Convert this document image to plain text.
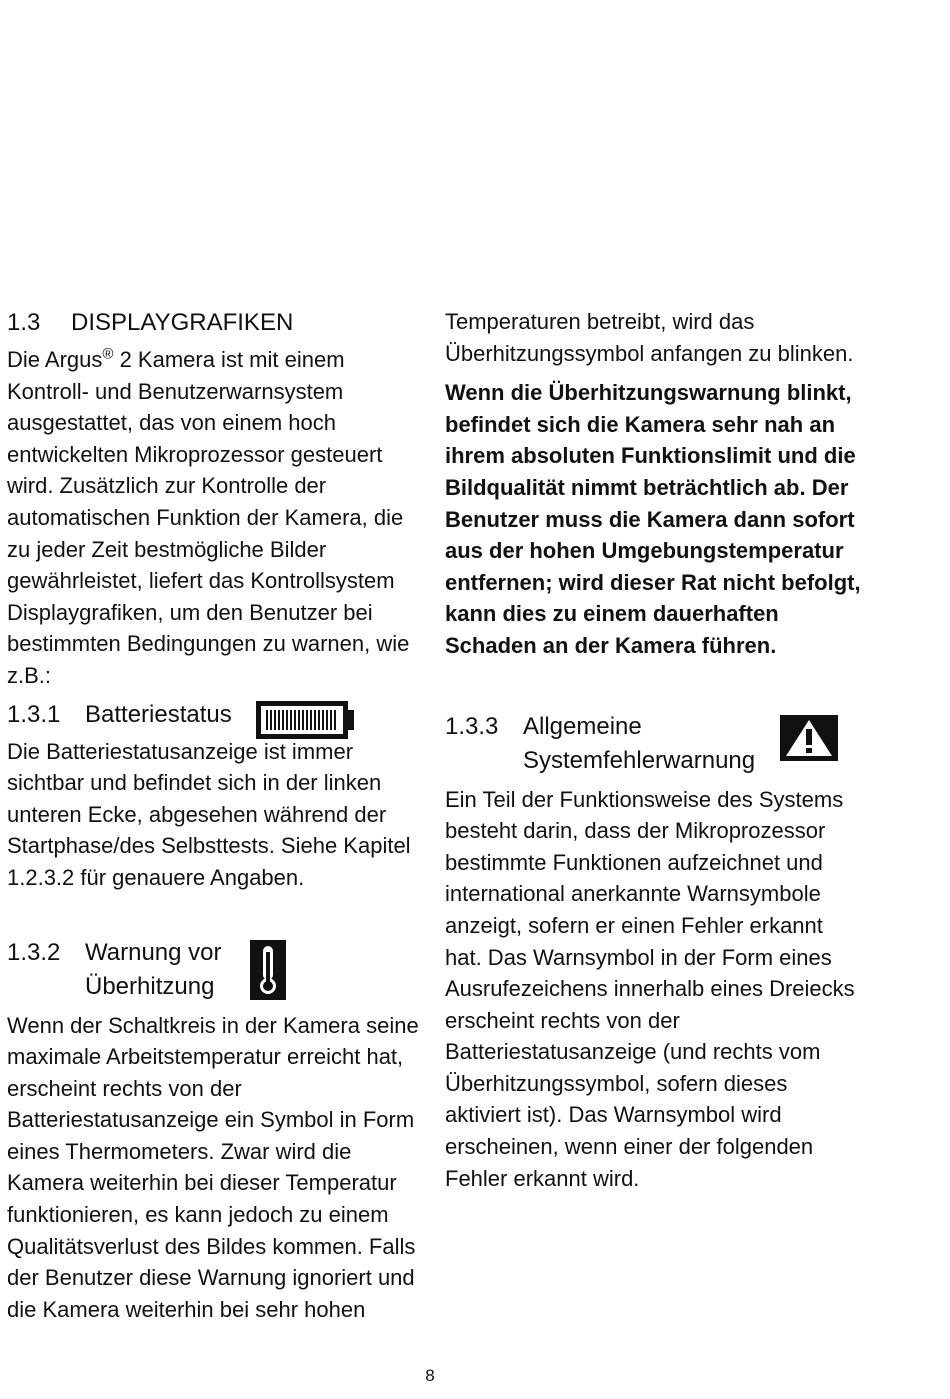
1.3 DISPLAYGRAFIKEN

Die Argus® 2 Kamera ist mit einem Kontroll- und Benutzerwarnsystem ausgestattet, das von einem hoch entwickelten Mikroprozessor gesteuert wird. Zusätzlich zur Kontrolle der automatischen Funktion der Kamera, die zu jeder Zeit bestmögliche Bilder gewährleistet, liefert das Kontrollsystem Displaygrafiken, um den Benutzer bei bestimmten Bedingungen zu warnen, wie z.B.:

1.3.1 Batteriestatus

Die Batteriestatusanzeige ist immer sichtbar und befindet sich in der linken unteren Ecke, abgesehen während der Startphase/des Selbsttests. Siehe Kapitel 1.2.3.2 für genauere Angaben.

1.3.2 Warnung vor
Überhitzung

Wenn der Schaltkreis in der Kamera seine maximale Arbeitstemperatur erreicht hat, erscheint rechts von der Batteriestatusanzeige ein Symbol in Form eines Thermometers. Zwar wird die Kamera weiterhin bei dieser Temperatur funktionieren, es kann jedoch zu einem Qualitätsverlust des Bildes kommen. Falls der Benutzer diese Warnung ignoriert und die Kamera weiterhin bei sehr hohen

Temperaturen betreibt, wird das Überhitzungssymbol anfangen zu blinken.

Wenn die Überhitzungswarnung blinkt, befindet sich die Kamera sehr nah an ihrem absoluten Funktionslimit und die Bildqualität nimmt beträchtlich ab. Der Benutzer muss die Kamera dann sofort aus der hohen Umgebungstemperatur entfernen; wird dieser Rat nicht befolgt, kann dies zu einem dauerhaften Schaden an der Kamera führen.

1.3.3 Allgemeine
Systemfehlerwarnung

Ein Teil der Funktionsweise des Systems besteht darin, dass der Mikroprozessor bestimmte Funktionen aufzeichnet und international anerkannte Warnsymbole anzeigt, sofern er einen Fehler erkannt hat. Das Warnsymbol in der Form eines Ausrufezeichens innerhalb eines Dreiecks erscheint rechts von der Batteriestatusanzeige (und rechts vom Überhitzungssymbol, sofern dieses aktiviert ist). Das Warnsymbol wird erscheinen, wenn einer der folgenden Fehler erkannt wird.

8
